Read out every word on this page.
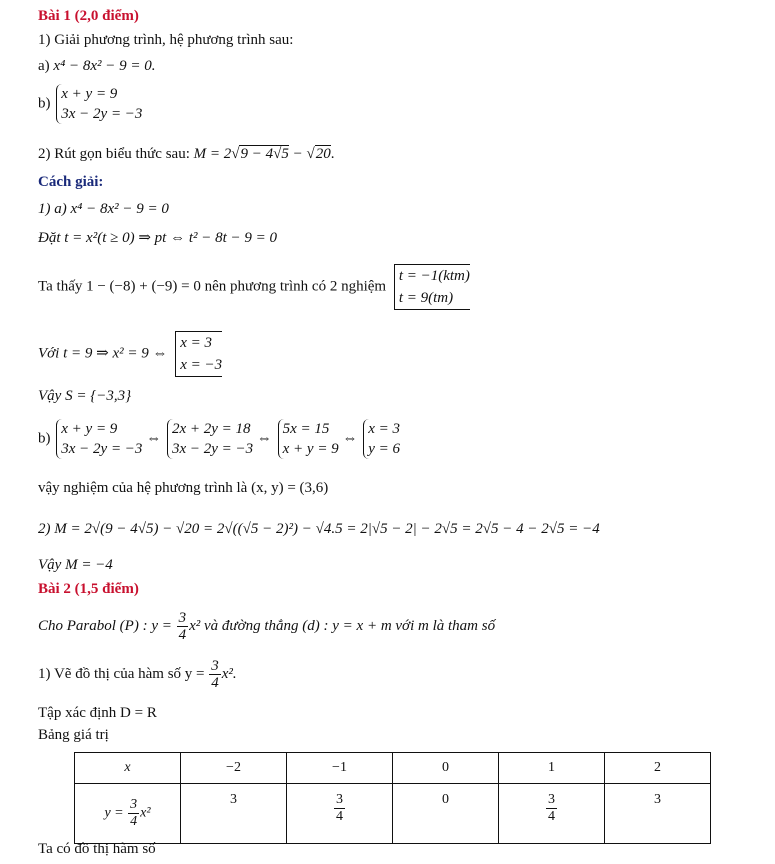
​
Bài 1 (2,0 điểm)
1) Giải phương trình, hệ phương trình sau:
a) x⁴ − 8x² − 9 = 0.
b)
x + y = 9
3x − 2y = −3
2) Rút gọn biểu thức sau: M = 2√9 − 4√5 − √20.
Cách giải:
1) a) x⁴ − 8x² − 9 = 0
Đặt t = x²(t ≥ 0) ⇒ pt ⇔ t² − 8t − 9 = 0
Ta thấy 1 − (−8) + (−9) = 0 nên phương trình có 2 nghiệm
t = −1(ktm)
t = 9(tm)
Với t = 9 ⇒ x² = 9 ⇔
x = 3
x = −3
Vậy S = {−3,3}
b)
x + y = 9
3x − 2y = −3
⇔
2x + 2y = 18
3x − 2y = −3
⇔
5x = 15
x + y = 9
⇔
x = 3
y = 6
vậy nghiệm của hệ phương trình là (x, y) = (3,6)
2) M = 2√(9 − 4√5) − √20 = 2√((√5 − 2)²) − √4.5 = 2|√5 − 2| − 2√5 = 2√5 − 4 − 2√5 = −4
Vậy M = −4
Bài 2 (1,5 điểm)
Cho Parabol (P) : $y = \frac{3}{4} x^2$ và đường thẳng (d) : y = x + m với m là tham số
1) Vẽ đồ thị của hàm số $y = \frac{3}{4} x^2$.
Tập xác định D = R
Bảng giá trị
x	−2	−1	0	1	2
$y = \frac{3}{4} x^2$	3	$\frac{3}{4}$	0	$\frac{3}{4}$	3
Ta có đồ thị hàm số
